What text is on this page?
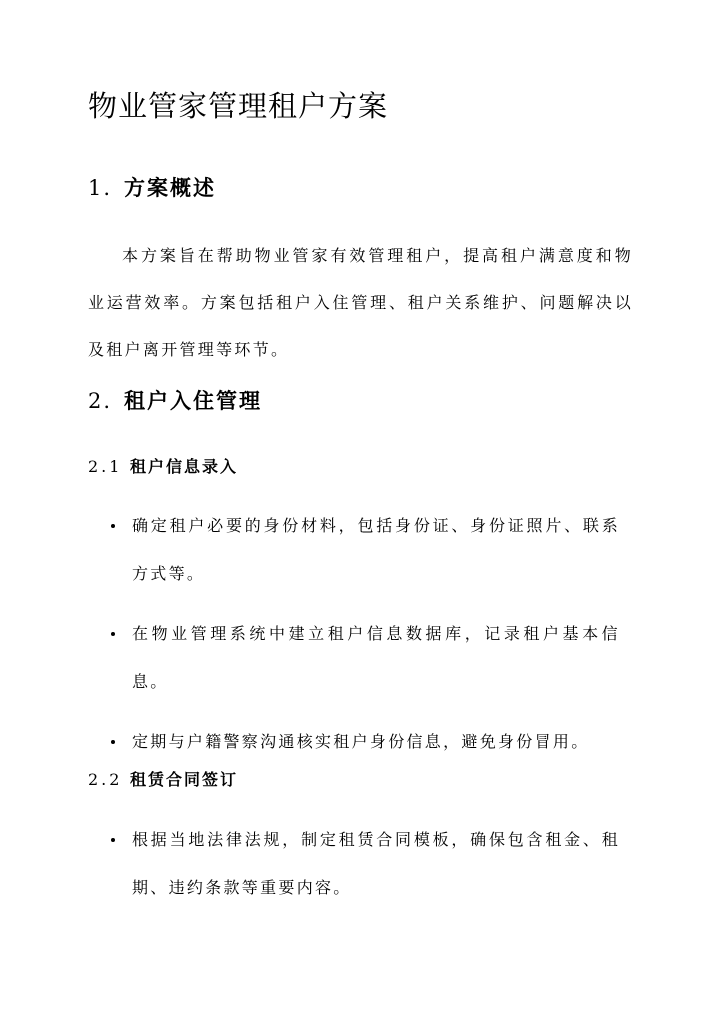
物业管家管理租户方案
1. 方案概述

本方案旨在帮助物业管家有效管理租户，提高租户满意度和物业运营效率。方案包括租户入住管理、租户关系维护、问题解决以及租户离开管理等环节。

2. 租户入住管理
2.1 租户信息录入
确定租户必要的身份材料，包括身份证、身份证照片、联系方式等。
在物业管理系统中建立租户信息数据库，记录租户基本信息。
定期与户籍警察沟通核实租户身份信息，避免身份冒用。
2.2 租赁合同签订
根据当地法律法规，制定租赁合同模板，确保包含租金、租期、违约条款等重要内容。
